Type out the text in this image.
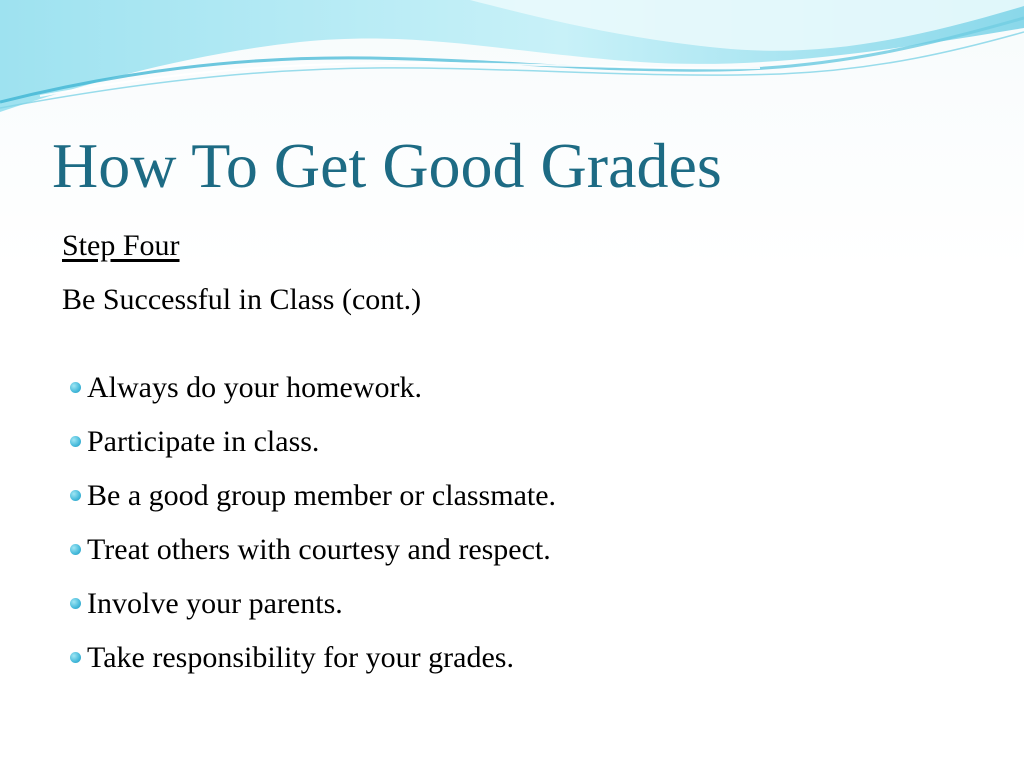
How To Get Good Grades
Step Four
Be Successful in Class (cont.)
Always do your homework.
Participate in class.
Be a good group member or classmate.
Treat others with courtesy and respect.
Involve your parents.
Take responsibility for your grades.
